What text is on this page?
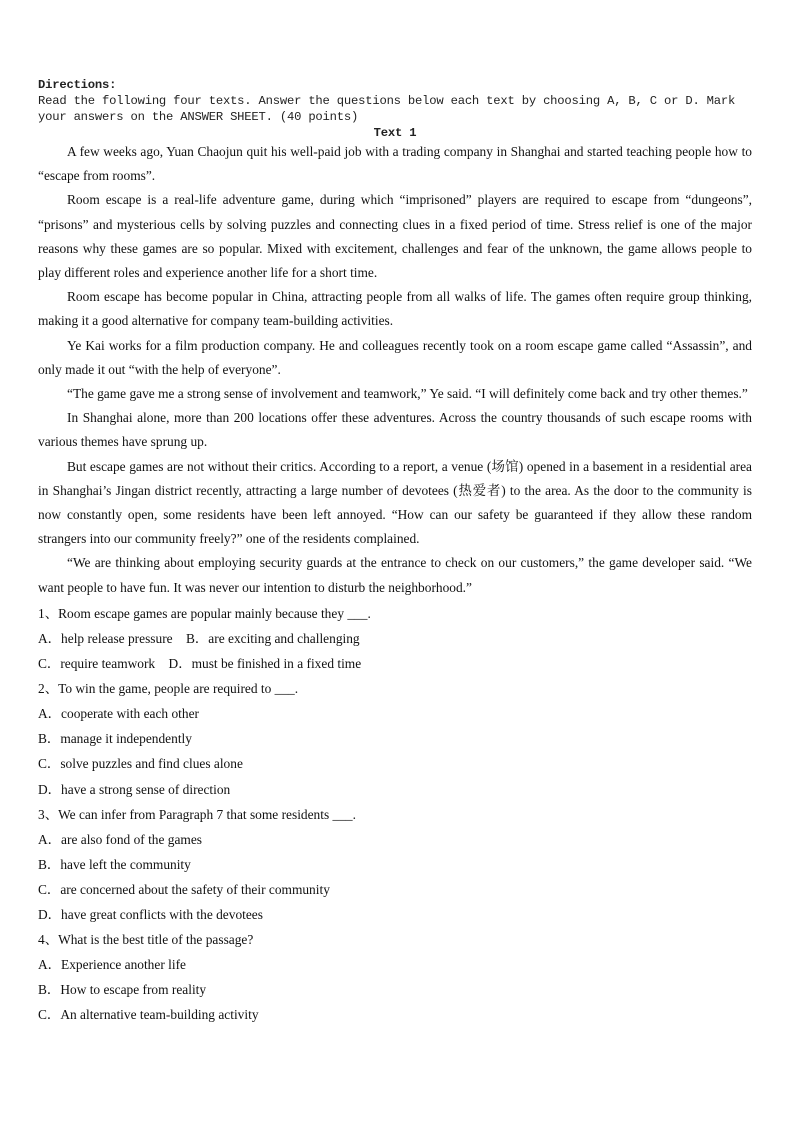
Directions:
Read the following four texts. Answer the questions below each text by choosing A, B, C or D. Mark your answers on the ANSWER SHEET. (40 points)
Text 1

A few weeks ago, Yuan Chaojun quit his well-paid job with a trading company in Shanghai and started teaching people how to “escape from rooms”.

Room escape is a real-life adventure game, during which “imprisoned” players are required to escape from “dungeons”, “prisons” and mysterious cells by solving puzzles and connecting clues in a fixed period of time. Stress relief is one of the major reasons why these games are so popular. Mixed with excitement, challenges and fear of the unknown, the game allows people to play different roles and experience another life for a short time.

Room escape has become popular in China, attracting people from all walks of life. The games often require group thinking, making it a good alternative for company team-building activities.

Ye Kai works for a film production company. He and colleagues recently took on a room escape game called “Assassin”, and only made it out “with the help of everyone”.

“The game gave me a strong sense of involvement and teamwork,” Ye said. “I will definitely come back and try other themes.”

In Shanghai alone, more than 200 locations offer these adventures. Across the country thousands of such escape rooms with various themes have sprung up.

But escape games are not without their critics. According to a report, a venue (场馆) opened in a basement in a residential area in Shanghai’s Jingan district recently, attracting a large number of devotees (热爱者) to the area. As the door to the community is now constantly open, some residents have been left annoyed. “How can our safety be guaranteed if they allow these random strangers into our community freely?” one of the residents complained.

“We are thinking about employing security guards at the entrance to check on our customers,” the game developer said. “We want people to have fun. It was never our intention to disturb the neighborhood.”

1、Room escape games are popular mainly because they ___.
A．help release pressure    B．are exciting and challenging
C．require teamwork    D．must be finished in a fixed time
2、To win the game, people are required to ___.
A．cooperate with each other
B．manage it independently
C．solve puzzles and find clues alone
D．have a strong sense of direction
3、We can infer from Paragraph 7 that some residents ___.
A．are also fond of the games
B．have left the community
C．are concerned about the safety of their community
D．have great conflicts with the devotees
4、What is the best title of the passage?
A．Experience another life
B．How to escape from reality
C．An alternative team-building activity
